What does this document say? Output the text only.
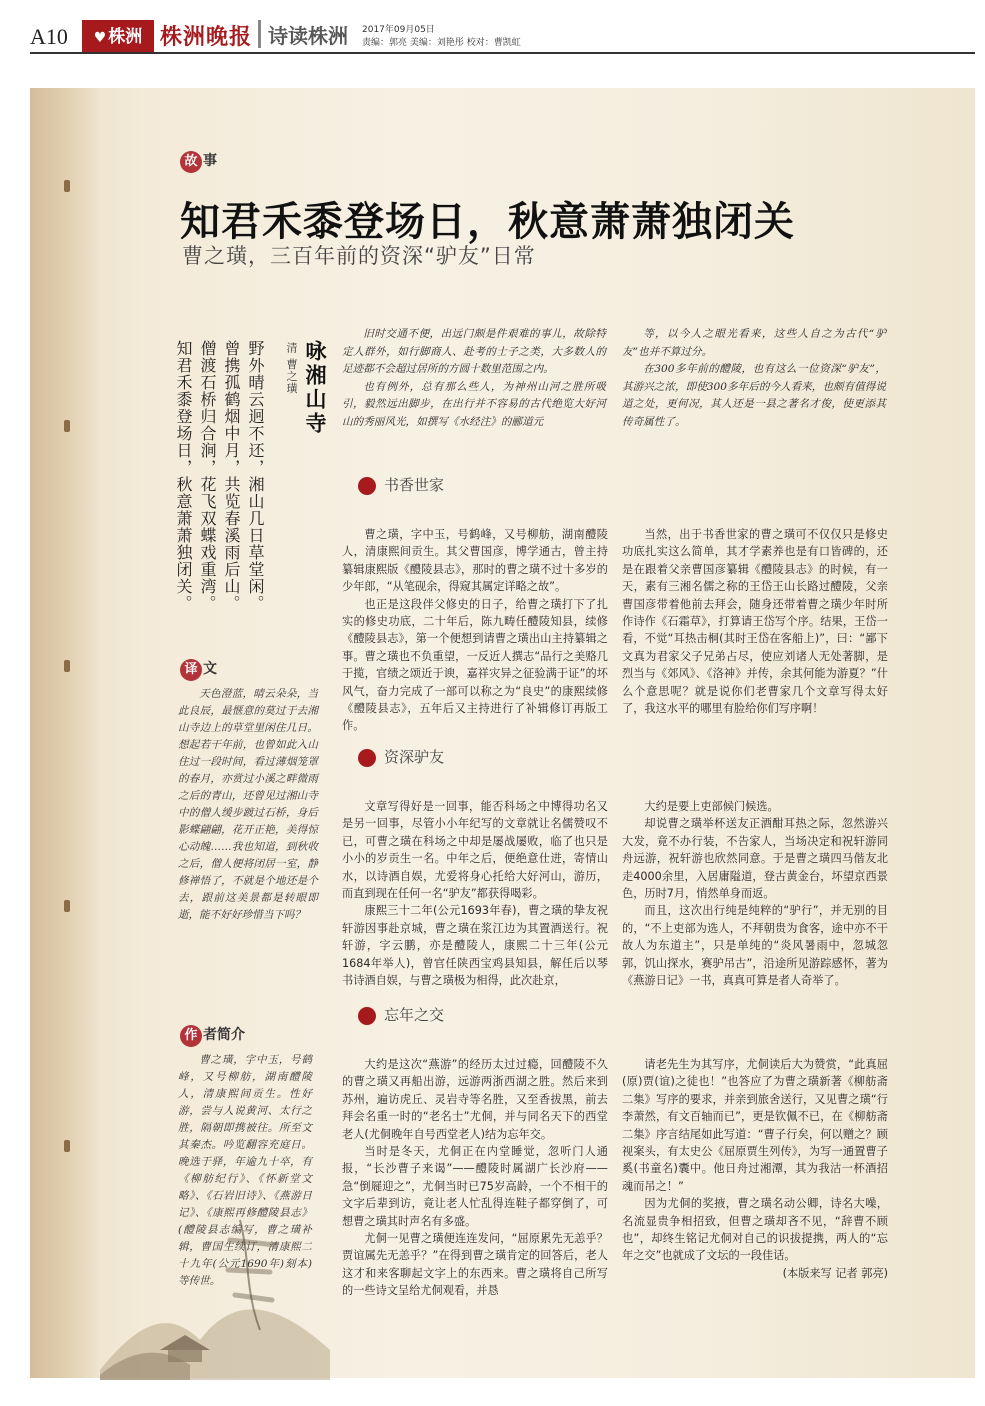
A10	♥ 株洲 株洲晚报 诗读株洲 2017年09月05日
责编：郭亮 美编：刘艳彤 校对：曹凯虹
故 事
知君禾黍登场日，秋意萧萧独闭关
曹之璜，三百年前的资深“驴友”日常
咏湘山寺
清 曹之璜
野外晴云迥不还，湘山几日草堂闲。
曾携孤鹤烟中月，共览春溪雨后山。
僧渡石桥归合涧，花飞双蝶戏重湾。
知君禾黍登场日，秋意萧萧独闭关。

旧时交通不便，出远门颇是件艰难的事儿，故除特定人群外，如行脚商人、赴考的士子之类，大多数人的足迹都不会超过居所的方圆十数里范围之内。

也有例外，总有那么些人，为神州山河之胜所吸引，毅然远出脚步，在出行并不容易的古代绝览大好河山的秀丽风光，如撰写《水经注》的郦道元

等，以今人之眼光看来，这些人自之为古代“驴友”也并不算过分。

在300多年前的醴陵，也有这么一位资深“驴友”，其游兴之浓，即使300多年后的今人看来，也颇有值得说道之处，更何况，其人还是一县之著名才俊，使更添其传奇属性了。

译 文

天色澄蓝，晴云朵朵，当此良辰，最惬意的莫过于去湘山寺边上的草堂里闲住几日。想起若干年前，也曾如此入山住过一段时间，看过薄烟笼罩的春月，亦赏过小溪之畔微雨之后的青山，还曾见过湘山寺中的僧人缓步踱过石桥，身后影蝶翩翩，花开正艳，美得惊心动魄……我也知道，到秋收之后，僧人便将闭居一室，静修禅悟了，不就是个地还是个去，跟前这美景都是转眼即逝，能不好好珍惜当下吗？

作 者简介

曹之璜，字中玉，号鹤峰，又号柳舫，湖南醴陵人，清康熙间贡生。性好游，尝与人说黄河、太行之胜，隔朝即携被往。所至文其秦杰。吟览翻容充庭日。晚选于驿，年逾九十卒，有《柳舫纪行》、《怀新堂文略》、《石岩旧诗》、《燕游日记》、《康熙再修醴陵县志》(醴陵县志编写，曹之璜补辑，曹国生续订，清康熙二十九年(公元1690年)刻本)等传世。

书香世家

曹之璜，字中玉，号鹤峰，又号柳舫，湖南醴陵人，清康熙间贡生。其父曹国彦，博学通古，曾主持纂辑康熙版《醴陵县志》，那时的曹之璜不过十多岁的少年郎，“从笔砚余，得窥其属定详略之故”。

也正是这段伴父修史的日子，给曹之璜打下了扎实的修史功底，二十年后，陈九畴任醴陵知县，续修《醴陵县志》，第一个便想到请曹之璜出山主持纂辑之事。曹之璜也不负重望，一反近人撰志“品行之美赂几于揽，官绩之颂近于谀，嘉祥灾异之征验满于证”的坏风气，奋力完成了一部可以称之为“良史”的康熙续修《醴陵县志》，五年后又主持进行了补辑修订再版工作。

当然，出于书香世家的曹之璜可不仅仅只是修史功底扎实这么简单，其才学素养也是有口皆碑的，还是在跟着父亲曹国彦纂辑《醴陵县志》的时候，有一天，素有三湘名儒之称的王岱王山长路过醴陵，父亲曹国彦带着他前去拜会，随身还带着曹之璜少年时所作诗作《石霜草》，打算请王岱写个序。结果，王岱一看，不觉“耳热击桐(其时王岱在客船上)”，曰：“鄙下文真为君家父子兄弟占尽，使应刘诸人无处著脚，是烈当与《郊风》、《洛神》并传，余其何能为游夏？”什么个意思呢？就是说你们老曹家几个文章写得太好了，我这水平的哪里有脸给你们写序啊！

资深驴友

文章写得好是一回事，能否科场之中博得功名又是另一回事，尽管小小年纪写的文章就让名儒赞叹不已，可曹之璜在科场之中却是屡战屡败，临了也只是小小的岁贡生一名。中年之后，便绝意仕进，寄情山水，以诗酒自娱，尤爱将身心托给大好河山，游历，而直到现在任何一名“驴友”都获得喝彩。

康熙三十二年(公元1693年春)，曹之璜的挚友祝轩游因事赴京城，曹之璜在浆江边为其置酒送行。祝轩游，字云鹏，亦是醴陵人，康熙二十三年(公元1684年举人)，曾官任陕西宝鸡县知县，解任后以琴书诗酒自娱，与曹之璜极为相得，此次赴京，

大约是要上吏部候门候选。

却说曹之璜举杯送友正酒酣耳热之际，忽然游兴大发，竟不办行装，不告家人，当场决定和祝轩游同舟远游，祝轩游也欣然同意。于是曹之璜四马偕友北走4000余里，入居庸隘道，登古黄金台，坏望京西景色，历时7月，悄然单身而返。

而且，这次出行纯是纯粹的“驴行”，并无别的目的，“不上吏部为选人，不拜朝贵为食客，途中亦不干故人为东道主”，只是单纯的“炎风暑雨中，忽城忽郭，饥山探水，赛驴吊古”，沿途所见游踪感怀，著为《燕游日记》一书，真真可算是者人奇举了。

忘年之交

大约是这次“燕游”的经历太过过瘾，回醴陵不久的曹之璜又再船出游，远游两浙西湖之胜。然后来到苏州，遍访虎丘、灵岩寺等名胜，又至香拔黑，前去拜会名重一时的“老名士”尤侗，并与同名天下的西堂老人(尤侗晚年自号西堂老人)结为忘年交。

当时是冬天，尤侗正在内堂睡觉，忽听门人通报，“长沙曹子来谒”——醴陵时属湖广长沙府——急“倒屣迎之”，尤侗当时已75岁高龄，一个不相干的文字后辈到访，竟让老人忙乱得连鞋子都穿倒了，可想曹之璜其时声名有多盛。

尤侗一见曹之璜便连连发问，“屈原累先无恙乎？贾谊属先无恙乎？”在得到曹之璜肯定的回答后，老人这才和来客聊起文字上的东西来。曹之璜将自己所写的一些诗文呈给尤侗观看，并恳

请老先生为其写序，尤侗读后大为赞赏，“此真屈(原)贾(谊)之徒也！”也答应了为曹之璜新著《柳舫斋二集》写序的要求，并亲到旅舍送行，又见曹之璜“行李萧然，有文百轴而已”，更是钦佩不已，在《柳舫斋二集》序言结尾如此写道：“曹子行矣，何以赠之？顾视案头，有太史公《屈原贾生列传》，为写一通置曹子奚(书童名)囊中。他日舟过湘潭，其为我沽一杯酒招魂而吊之！”

因为尤侗的奖掖，曹之璜名动公卿，诗名大噪，名流显贵争相招致，但曹之璜却吝不见，“辞曹不顾也”，却终生铭记尤侗对自己的识拔提携，两人的“忘年之交”也就成了文坛的一段佳话。

(本版来写 记者 郭亮)
